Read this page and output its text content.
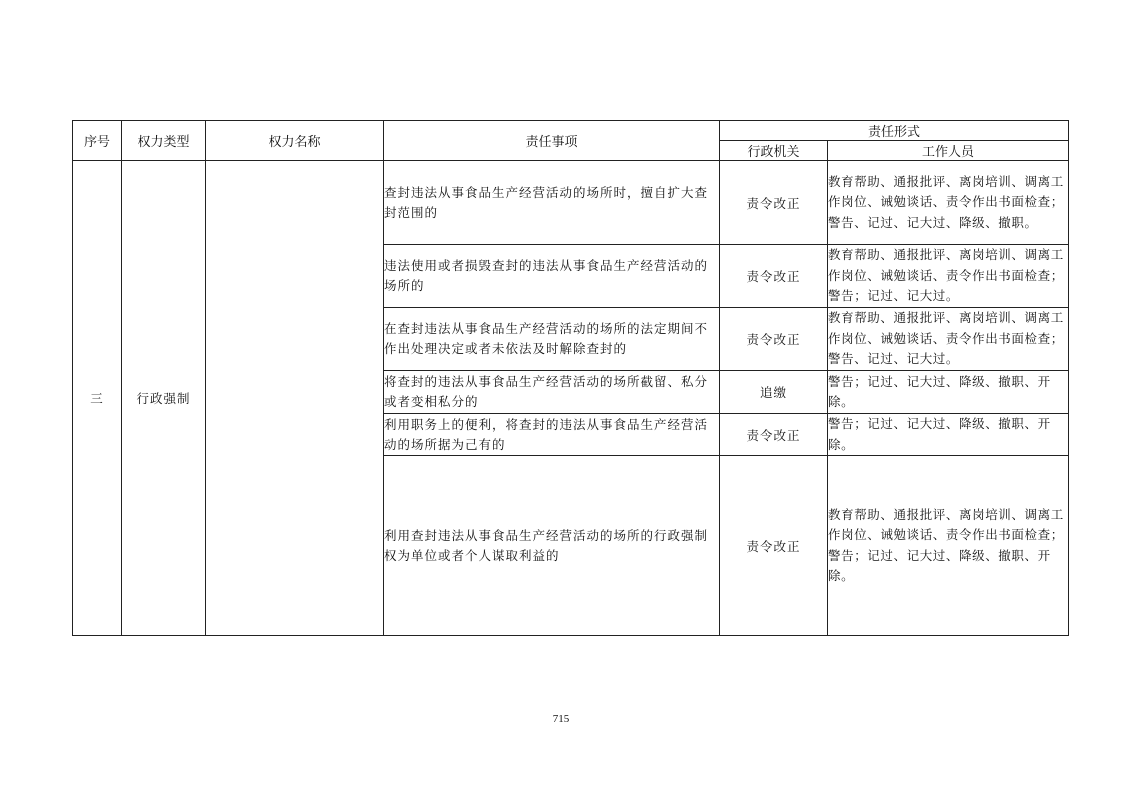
序号	权力类型	权力名称	责任事项	责任形式	
				行政机关	工作人员
三	行政强制		查封违法从事食品生产经营活动的场所时，擅自扩大查封范围的	责令改正	教育帮助、通报批评、离岗培训、调离工作岗位、诫勉谈话、责令作出书面检查；警告、记过、记大过、降级、撤职。
			违法使用或者损毁查封的违法从事食品生产经营活动的场所的	责令改正	教育帮助、通报批评、离岗培训、调离工作岗位、诫勉谈话、责令作出书面检查；警告；记过、记大过。
			在查封违法从事食品生产经营活动的场所的法定期间不作出处理决定或者未依法及时解除查封的	责令改正	教育帮助、通报批评、离岗培训、调离工作岗位、诫勉谈话、责令作出书面检查；警告、记过、记大过。
			将查封的违法从事食品生产经营活动的场所截留、私分或者变相私分的	追缴	警告；记过、记大过、降级、撤职、开除。
			利用职务上的便利，将查封的违法从事食品生产经营活动的场所据为己有的	责令改正	警告；记过、记大过、降级、撤职、开除。
			利用查封违法从事食品生产经营活动的场所的行政强制权为单位或者个人谋取利益的	责令改正	教育帮助、通报批评、离岗培训、调离工作岗位、诫勉谈话、责令作出书面检查；警告；记过、记大过、降级、撤职、开除。
715
